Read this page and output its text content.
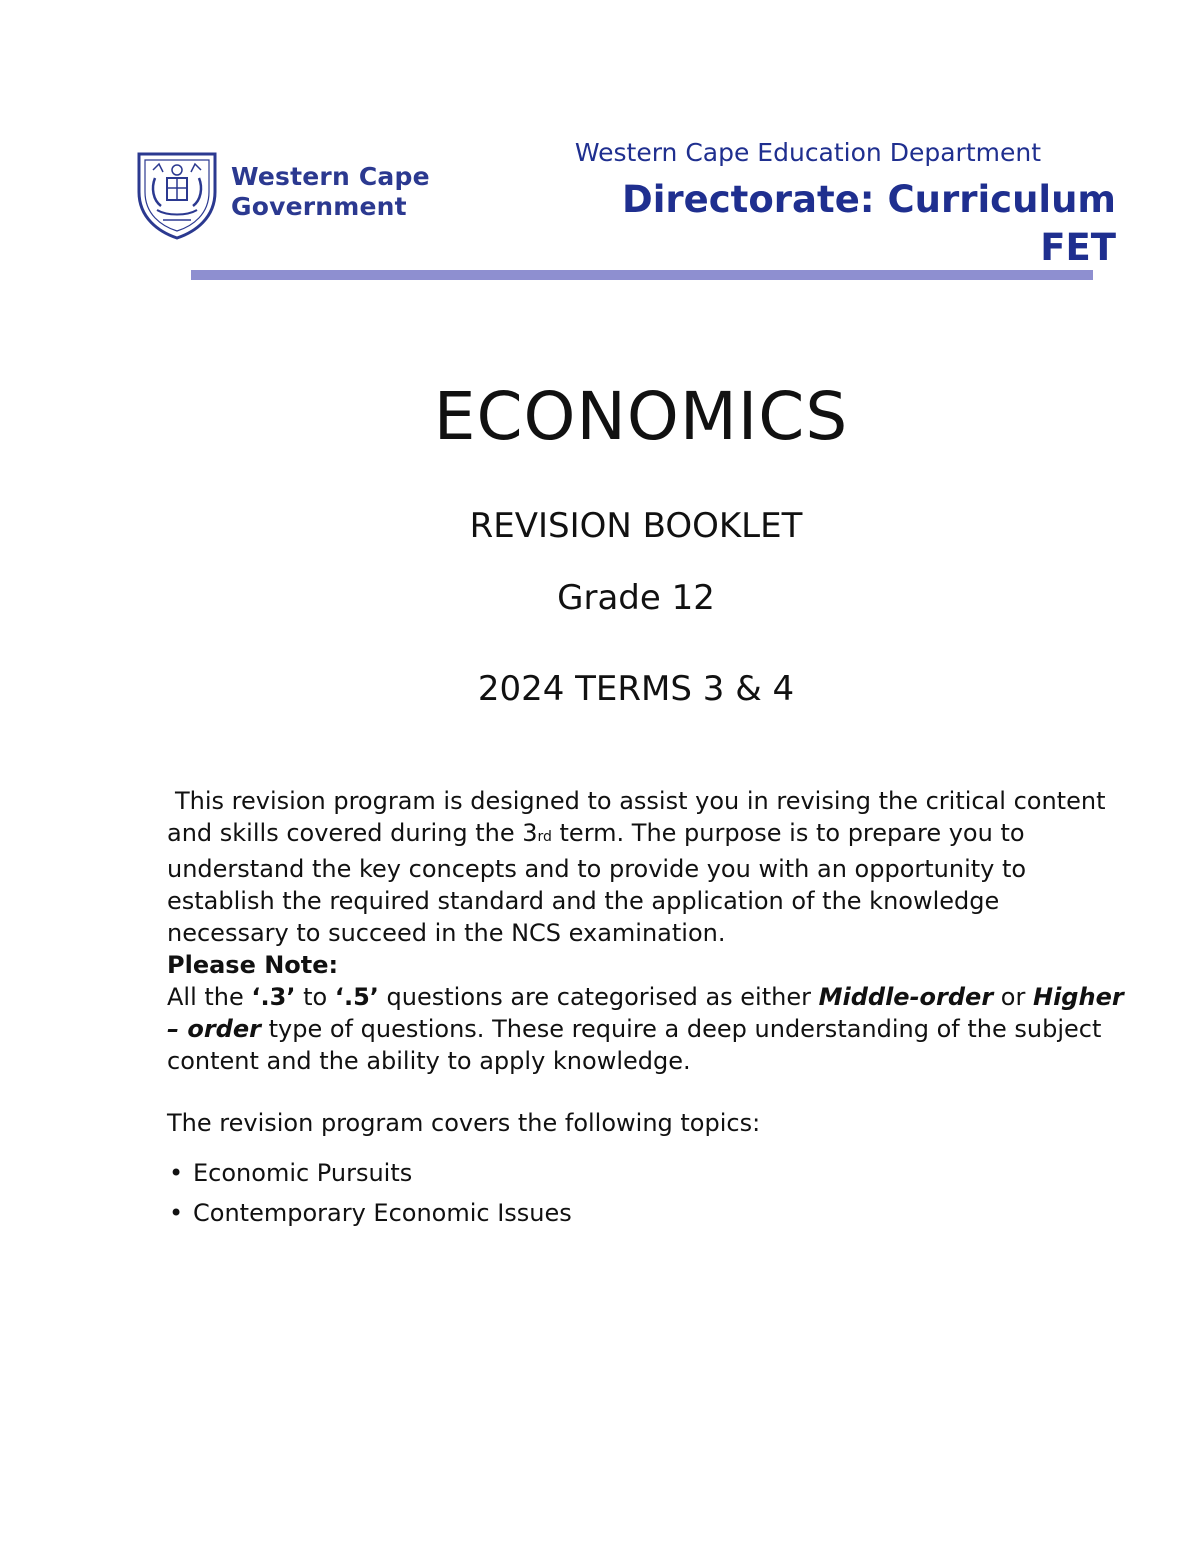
Western Cape
Government
Western Cape Education Department
Directorate: Curriculum
FET
ECONOMICS
REVISION BOOKLET
Grade 12
2024 TERMS 3 & 4

This revision program is designed to assist you in revising the critical content and skills covered during the 3rd term. The purpose is to prepare you to understand the key concepts and to provide you with an opportunity to establish the required standard and the application of the knowledge necessary to succeed in the NCS examination.

Please Note:

All the ‘.3’ to ‘.5’ questions are categorised as either Middle-order or Higher – order type of questions. These require a deep understanding of the subject content and the ability to apply knowledge.

The revision program covers the following topics:

• Economic Pursuits
• Contemporary Economic Issues
